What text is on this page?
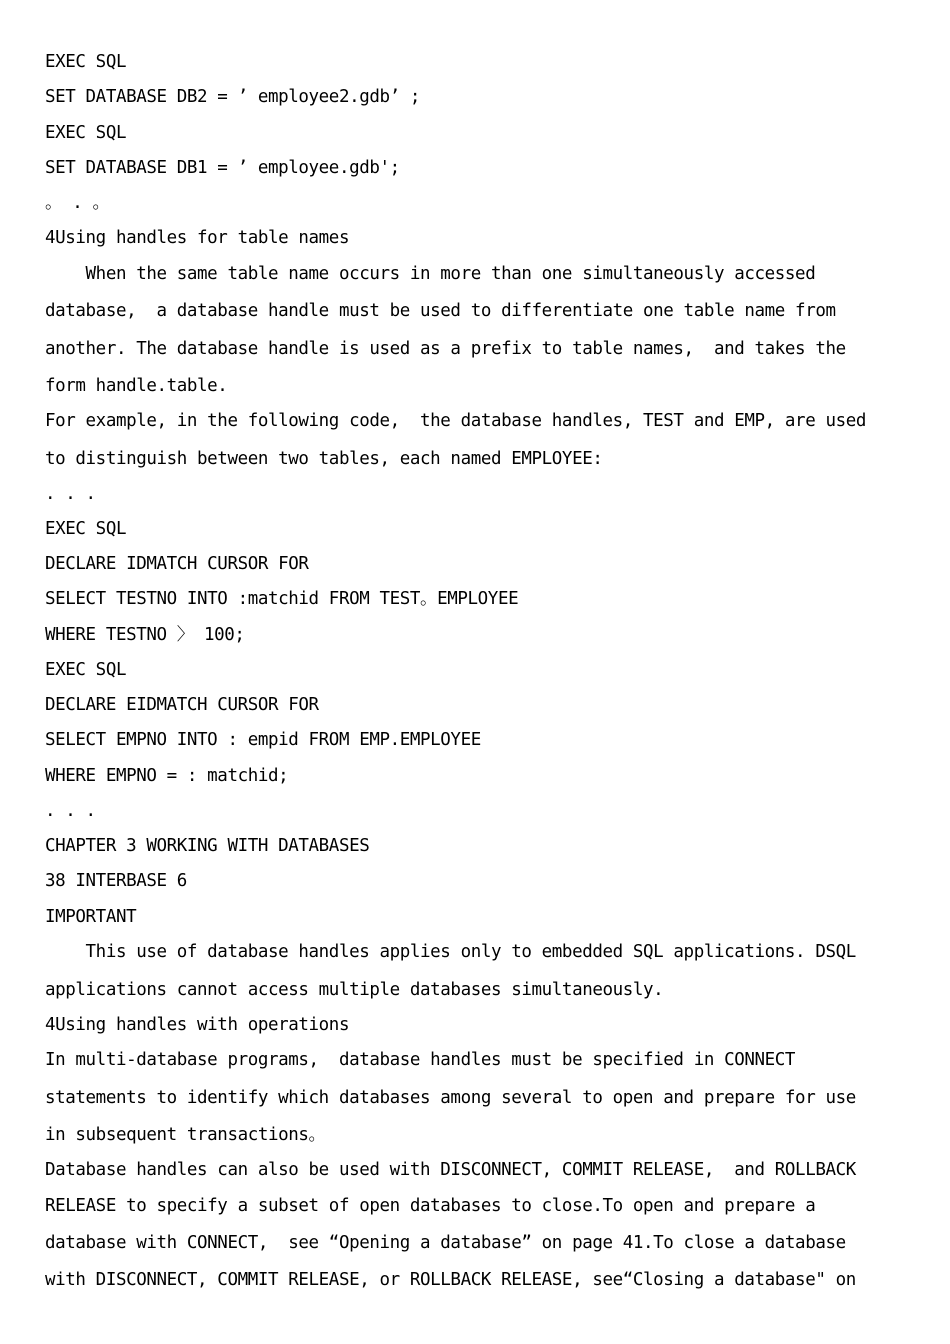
EXEC SQL

SET DATABASE DB2 = ’ employee2.gdb’ ;

EXEC SQL

SET DATABASE DB1 = ’ employee.gdb';

。 . 。

4Using handles for table names

When the same table name occurs in more than one simultaneously accessed

database,  a database handle must be used to differentiate one table name from

another. The database handle is used as a prefix to table names,  and takes the

form handle.table.

For example, in the following code,  the database handles, TEST and EMP, are used

to distinguish between two tables, each named EMPLOYEE:

. . .

EXEC SQL

DECLARE IDMATCH CURSOR FOR

SELECT TESTNO INTO :matchid FROM TEST。EMPLOYEE

WHERE TESTNO 〉 100;

EXEC SQL

DECLARE EIDMATCH CURSOR FOR

SELECT EMPNO INTO : empid FROM EMP.EMPLOYEE

WHERE EMPNO = : matchid;

. . .

CHAPTER 3 WORKING WITH DATABASES

38 INTERBASE 6

IMPORTANT

This use of database handles applies only to embedded SQL applications. DSQL

applications cannot access multiple databases simultaneously.

4Using handles with operations

In multi-database programs,  database handles must be specified in CONNECT

statements to identify which databases among several to open and prepare for use

in subsequent transactions。

Database handles can also be used with DISCONNECT, COMMIT RELEASE,  and ROLLBACK

RELEASE to specify a subset of open databases to close.To open and prepare a

database with CONNECT,  see “Opening a database” on page 41.To close a database

with DISCONNECT, COMMIT RELEASE, or ROLLBACK RELEASE, see“Closing a database" on
